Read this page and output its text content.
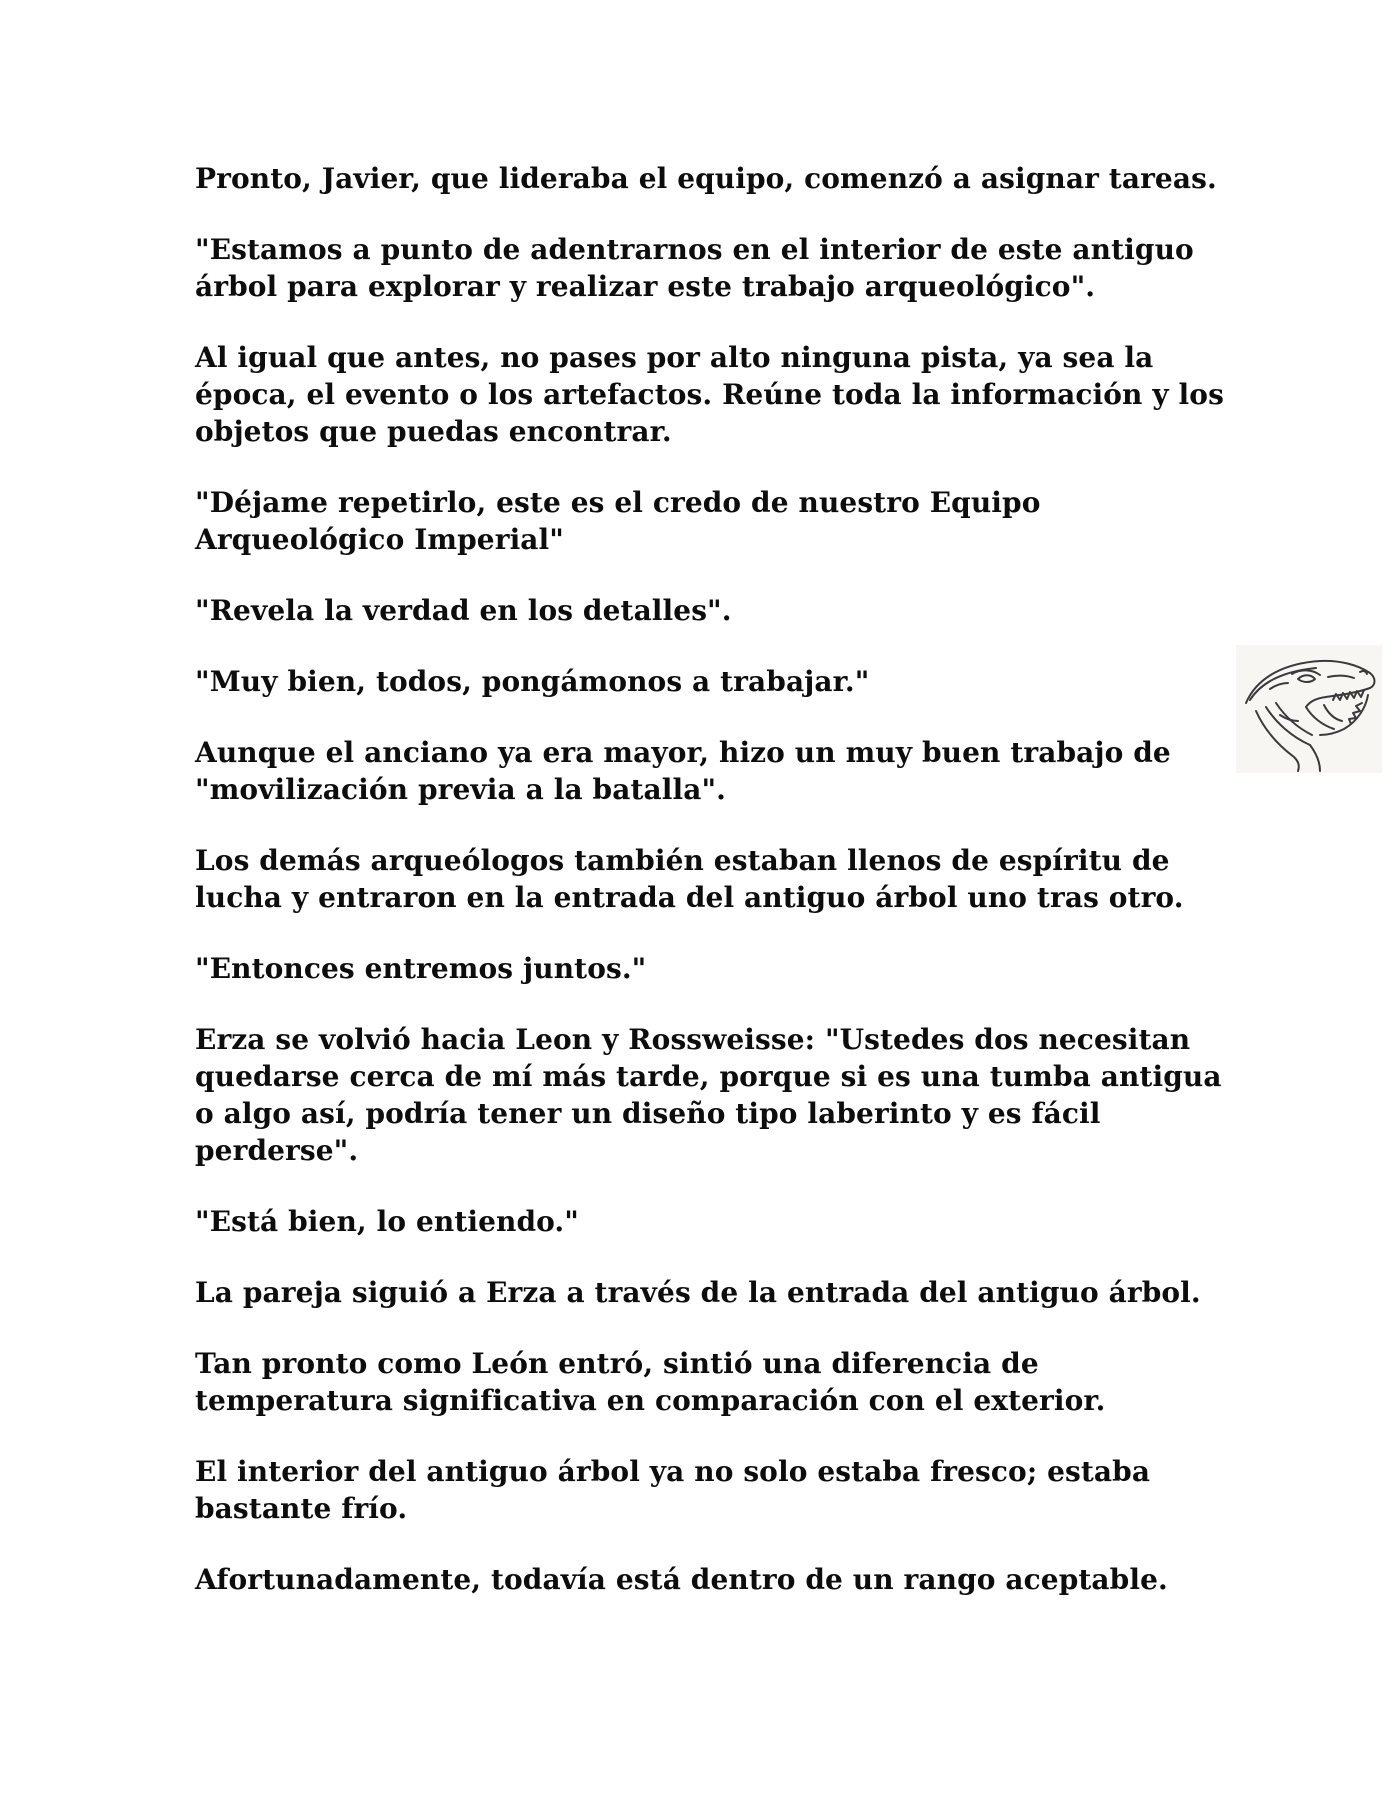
Pronto, Javier, que lideraba el equipo, comenzó a asignar tareas.

"Estamos a punto de adentrarnos en el interior de este antiguo árbol para explorar y realizar este trabajo arqueológico".

Al igual que antes, no pases por alto ninguna pista, ya sea la época, el evento o los artefactos. Reúne toda la información y los objetos que puedas encontrar.

"Déjame repetirlo, este es el credo de nuestro Equipo Arqueológico Imperial"

"Revela la verdad en los detalles".

"Muy bien, todos, pongámonos a trabajar."

Aunque el anciano ya era mayor, hizo un muy buen trabajo de "movilización previa a la batalla".

Los demás arqueólogos también estaban llenos de espíritu de lucha y entraron en la entrada del antiguo árbol uno tras otro.

"Entonces entremos juntos."

Erza se volvió hacia Leon y Rossweisse: "Ustedes dos necesitan quedarse cerca de mí más tarde, porque si es una tumba antigua o algo así, podría tener un diseño tipo laberinto y es fácil perderse".

"Está bien, lo entiendo."

La pareja siguió a Erza a través de la entrada del antiguo árbol.

Tan pronto como León entró, sintió una diferencia de temperatura significativa en comparación con el exterior.

El interior del antiguo árbol ya no solo estaba fresco; estaba bastante frío.

Afortunadamente, todavía está dentro de un rango aceptable.
